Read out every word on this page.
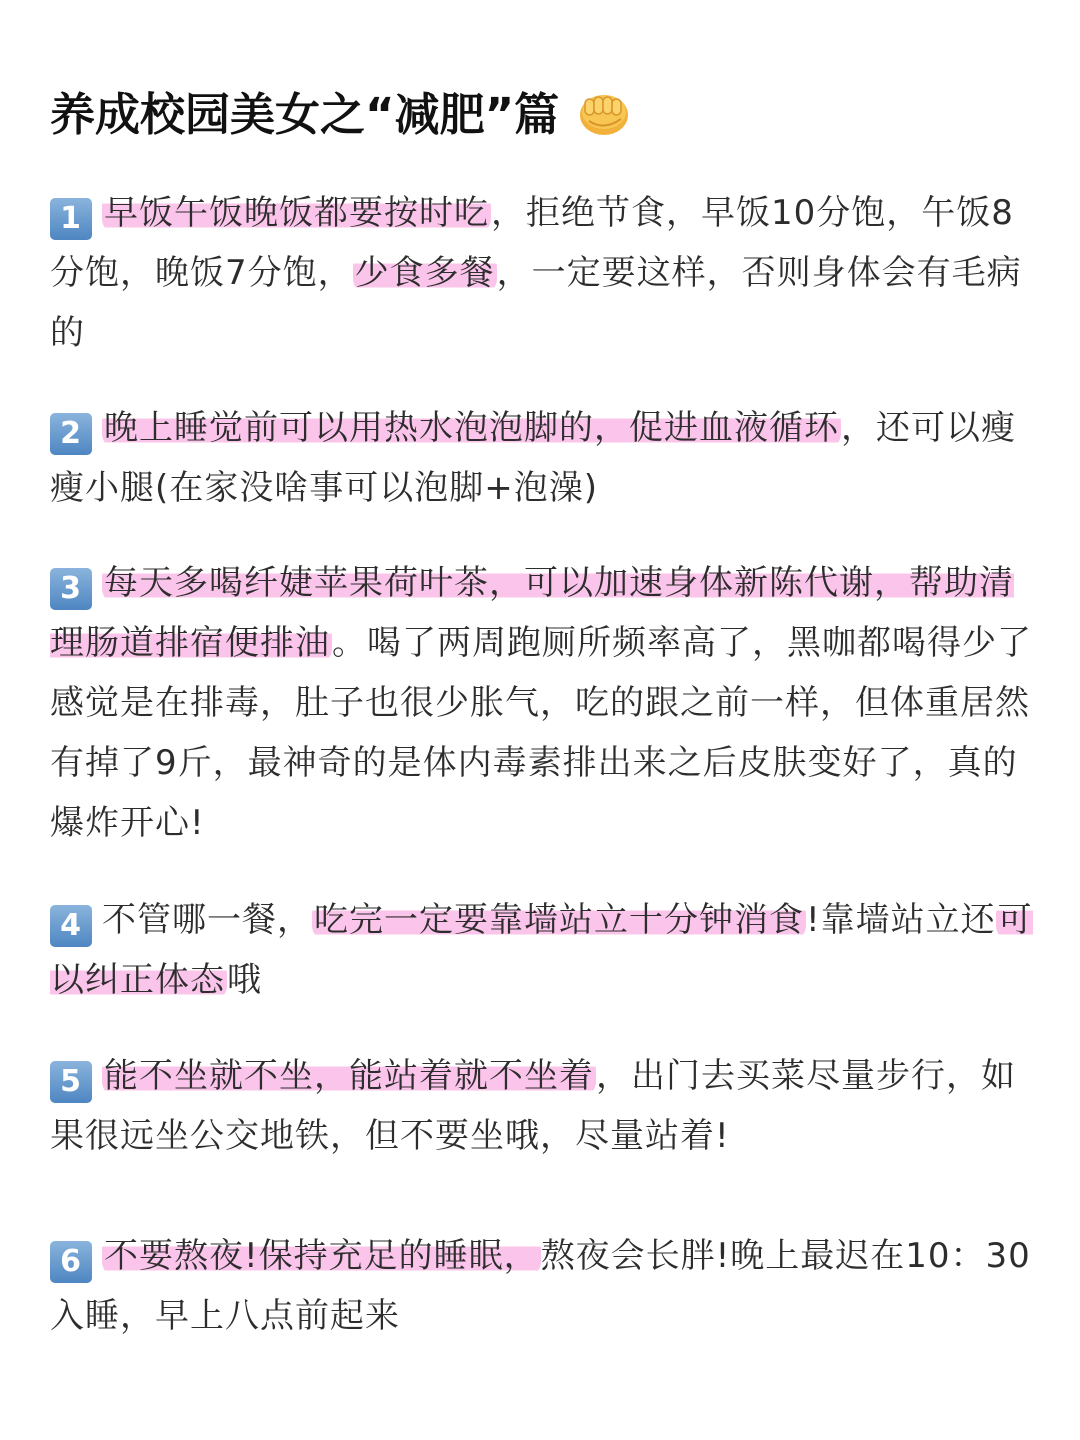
养成校园美女之“减肥”篇
1 早饭午饭晚饭都要按时吃，拒绝节食，早饭10分饱，午饭8分饱，晚饭7分饱，少食多餐，一定要这样，否则身体会有毛病的
2 晚上睡觉前可以用热水泡泡脚的，促进血液循环，还可以瘦瘦小腿(在家没啥事可以泡脚+泡澡)
3 每天多喝纤婕苹果荷叶茶，可以加速身体新陈代谢，帮助清理肠道排宿便排油。喝了两周跑厕所频率高了，黑咖都喝得少了感觉是在排毒，肚子也很少胀气，吃的跟之前一样，但体重居然有掉了9斤，最神奇的是体内毒素排出来之后皮肤变好了，真的爆炸开心!
4 不管哪一餐，吃完一定要靠墙站立十分钟消食!靠墙站立还可以纠正体态哦
5 能不坐就不坐，能站着就不坐着，出门去买菜尽量步行，如果很远坐公交地铁，但不要坐哦，尽量站着!
6 不要熬夜!保持充足的睡眠，熬夜会长胖!晚上最迟在10：30入睡，早上八点前起来
